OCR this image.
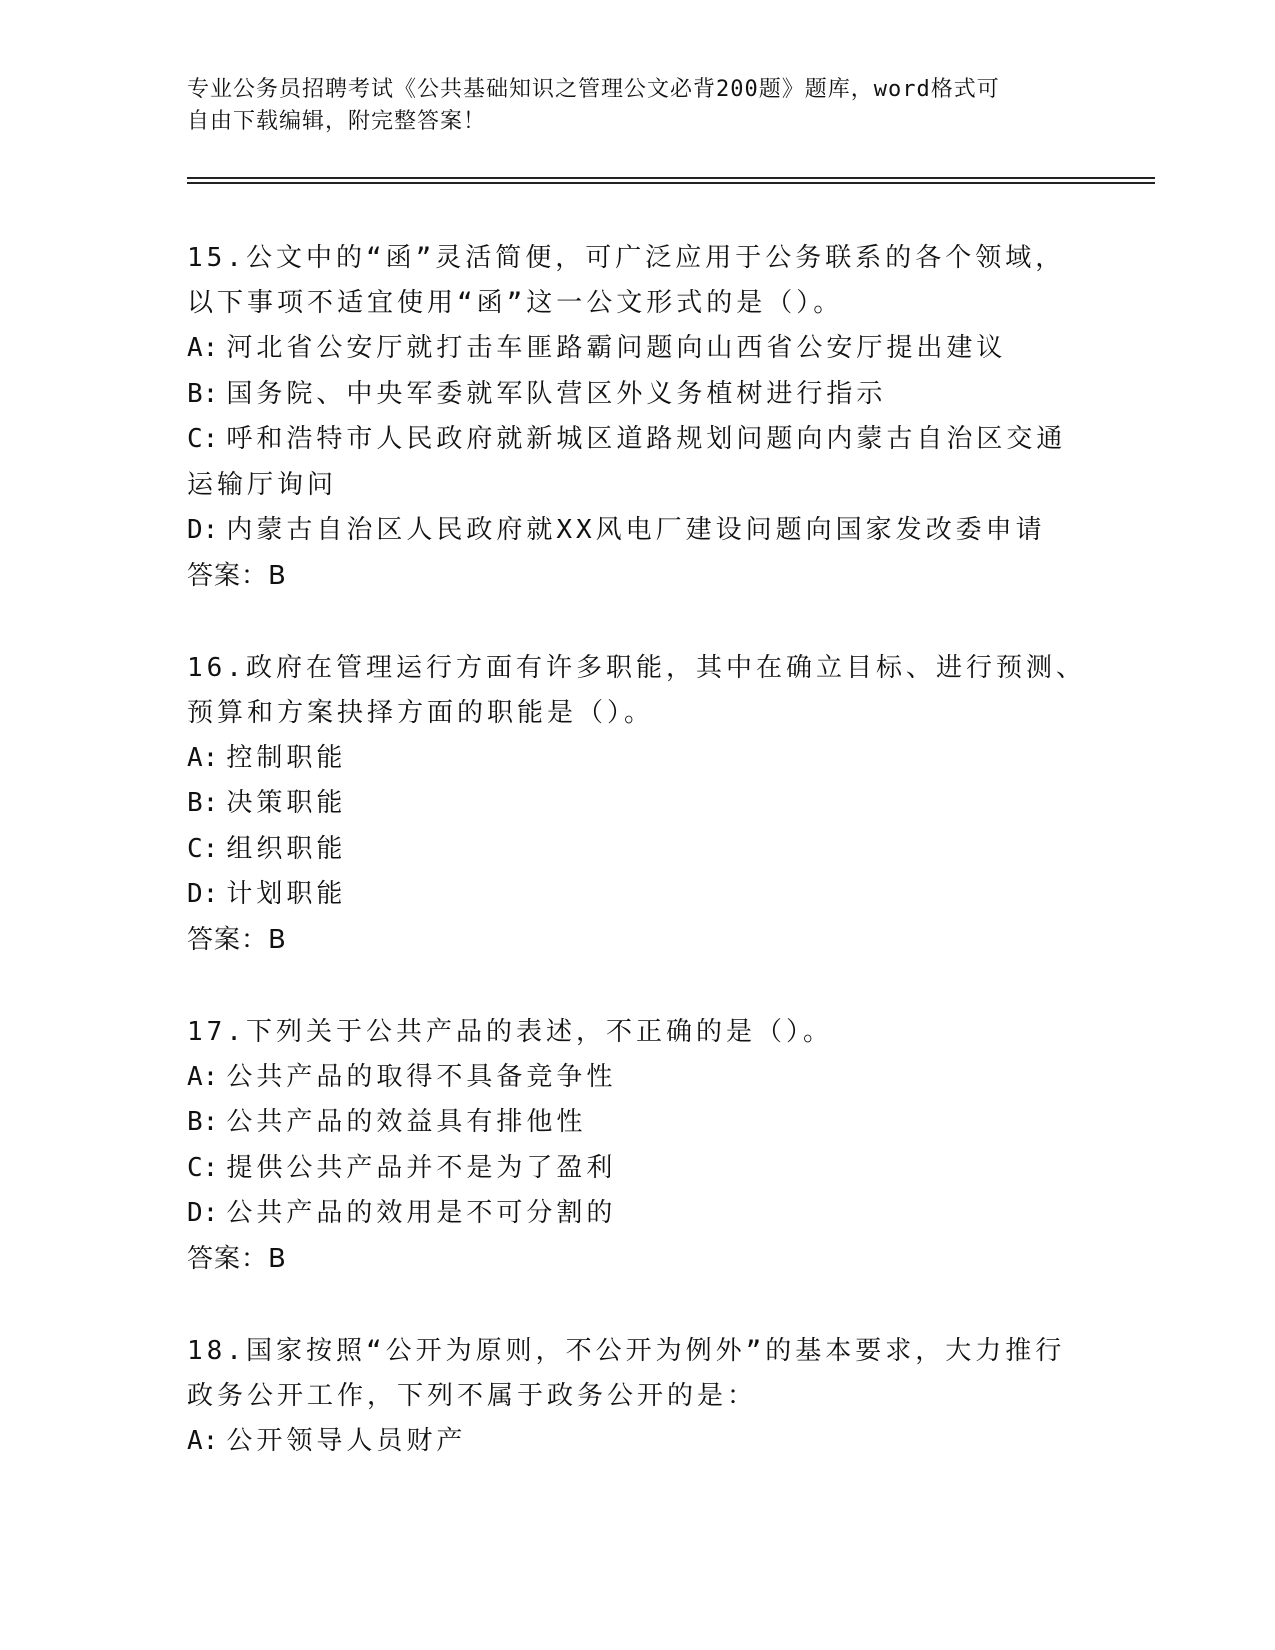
专业公务员招聘考试《公共基础知识之管理公文必背200题》题库，word格式可
自由下载编辑，附完整答案！

15.公文中的“函”灵活简便，可广泛应用于公务联系的各个领域，以下事项不适宜使用“函”这一公文形式的是（）。

A: 河北省公安厅就打击车匪路霸问题向山西省公安厅提出建议
B: 国务院、中央军委就军队营区外义务植树进行指示
C: 呼和浩特市人民政府就新城区道路规划问题向内蒙古自治区交通运输厅询问
D: 内蒙古自治区人民政府就XX风电厂建设问题向国家发改委申请
答案：B

16.政府在管理运行方面有许多职能，其中在确立目标、进行预测、预算和方案抉择方面的职能是（）。

A: 控制职能
B: 决策职能
C: 组织职能
D: 计划职能
答案：B

17.下列关于公共产品的表述，不正确的是（）。

A: 公共产品的取得不具备竞争性
B: 公共产品的效益具有排他性
C: 提供公共产品并不是为了盈利
D: 公共产品的效用是不可分割的
答案：B

18.国家按照“公开为原则，不公开为例外”的基本要求，大力推行政务公开工作，下列不属于政务公开的是：

A: 公开领导人员财产
